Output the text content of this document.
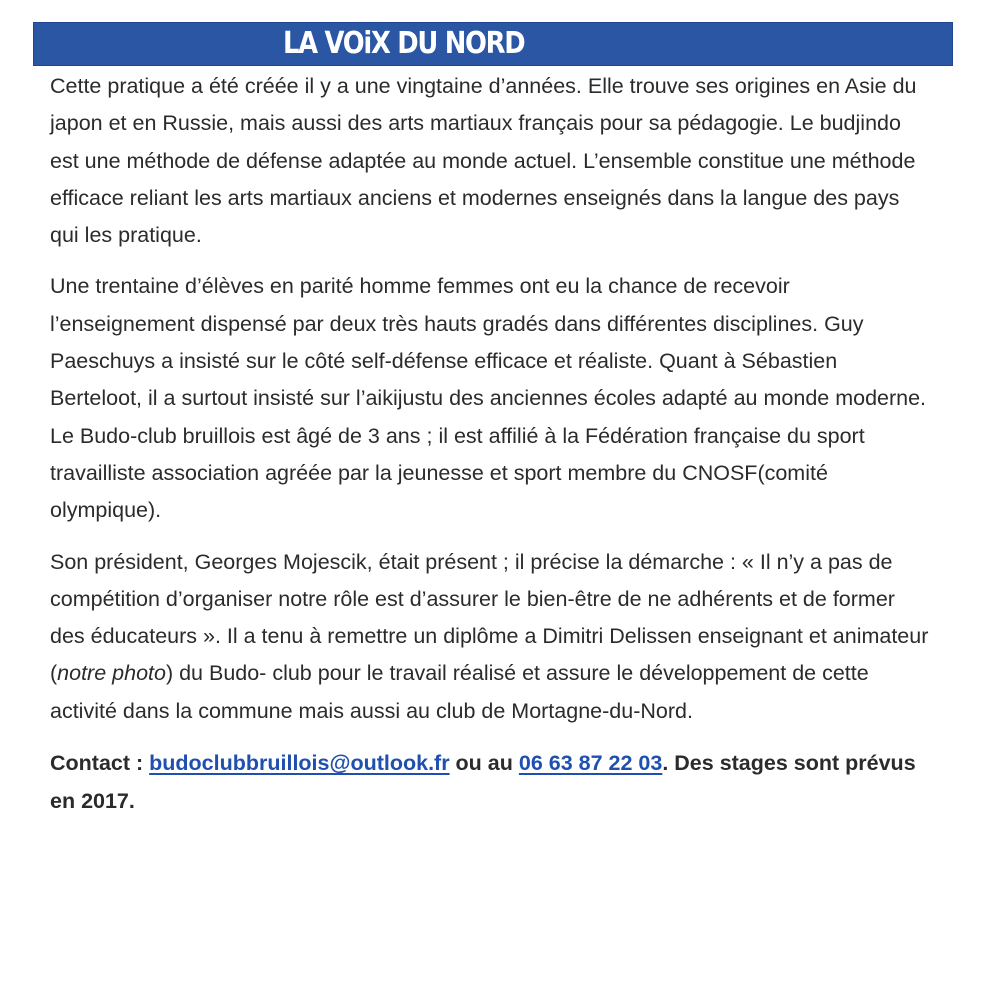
LA VOiX DU NORD

Cette pratique a été créée il y a une vingtaine d’années. Elle trouve ses origines en Asie du japon et en Russie, mais aussi des arts martiaux français pour sa pédagogie. Le budjindo est une méthode de défense adaptée au monde actuel. L’ensemble constitue une méthode efficace reliant les arts martiaux anciens et modernes enseignés dans la langue des pays qui les pratique.

Une trentaine d’élèves en parité homme femmes ont eu la chance de recevoir l’enseignement dispensé par deux très hauts gradés dans différentes disciplines. Guy Paeschuys a insisté sur le côté self-défense efficace et réaliste. Quant à Sébastien Berteloot, il a surtout insisté sur l’aikijustu des anciennes écoles adapté au monde moderne. Le Budo-club bruillois est âgé de 3 ans ; il est affilié à la Fédération française du sport travailliste association agréée par la jeunesse et sport membre du CNOSF(comité olympique).

Son président, Georges Mojescik, était présent ; il précise la démarche : « Il n’y a pas de compétition d’organiser notre rôle est d’assurer le bien-être de ne adhérents et de former des éducateurs ». Il a tenu à remettre un diplôme a Dimitri Delissen enseignant et animateur (notre photo) du Budo- club pour le travail réalisé et assure le développement de cette activité dans la commune mais aussi au club de Mortagne-du-Nord.

Contact : budoclubbruillois@outlook.fr ou au 06 63 87 22 03. Des stages sont prévus en 2017.
